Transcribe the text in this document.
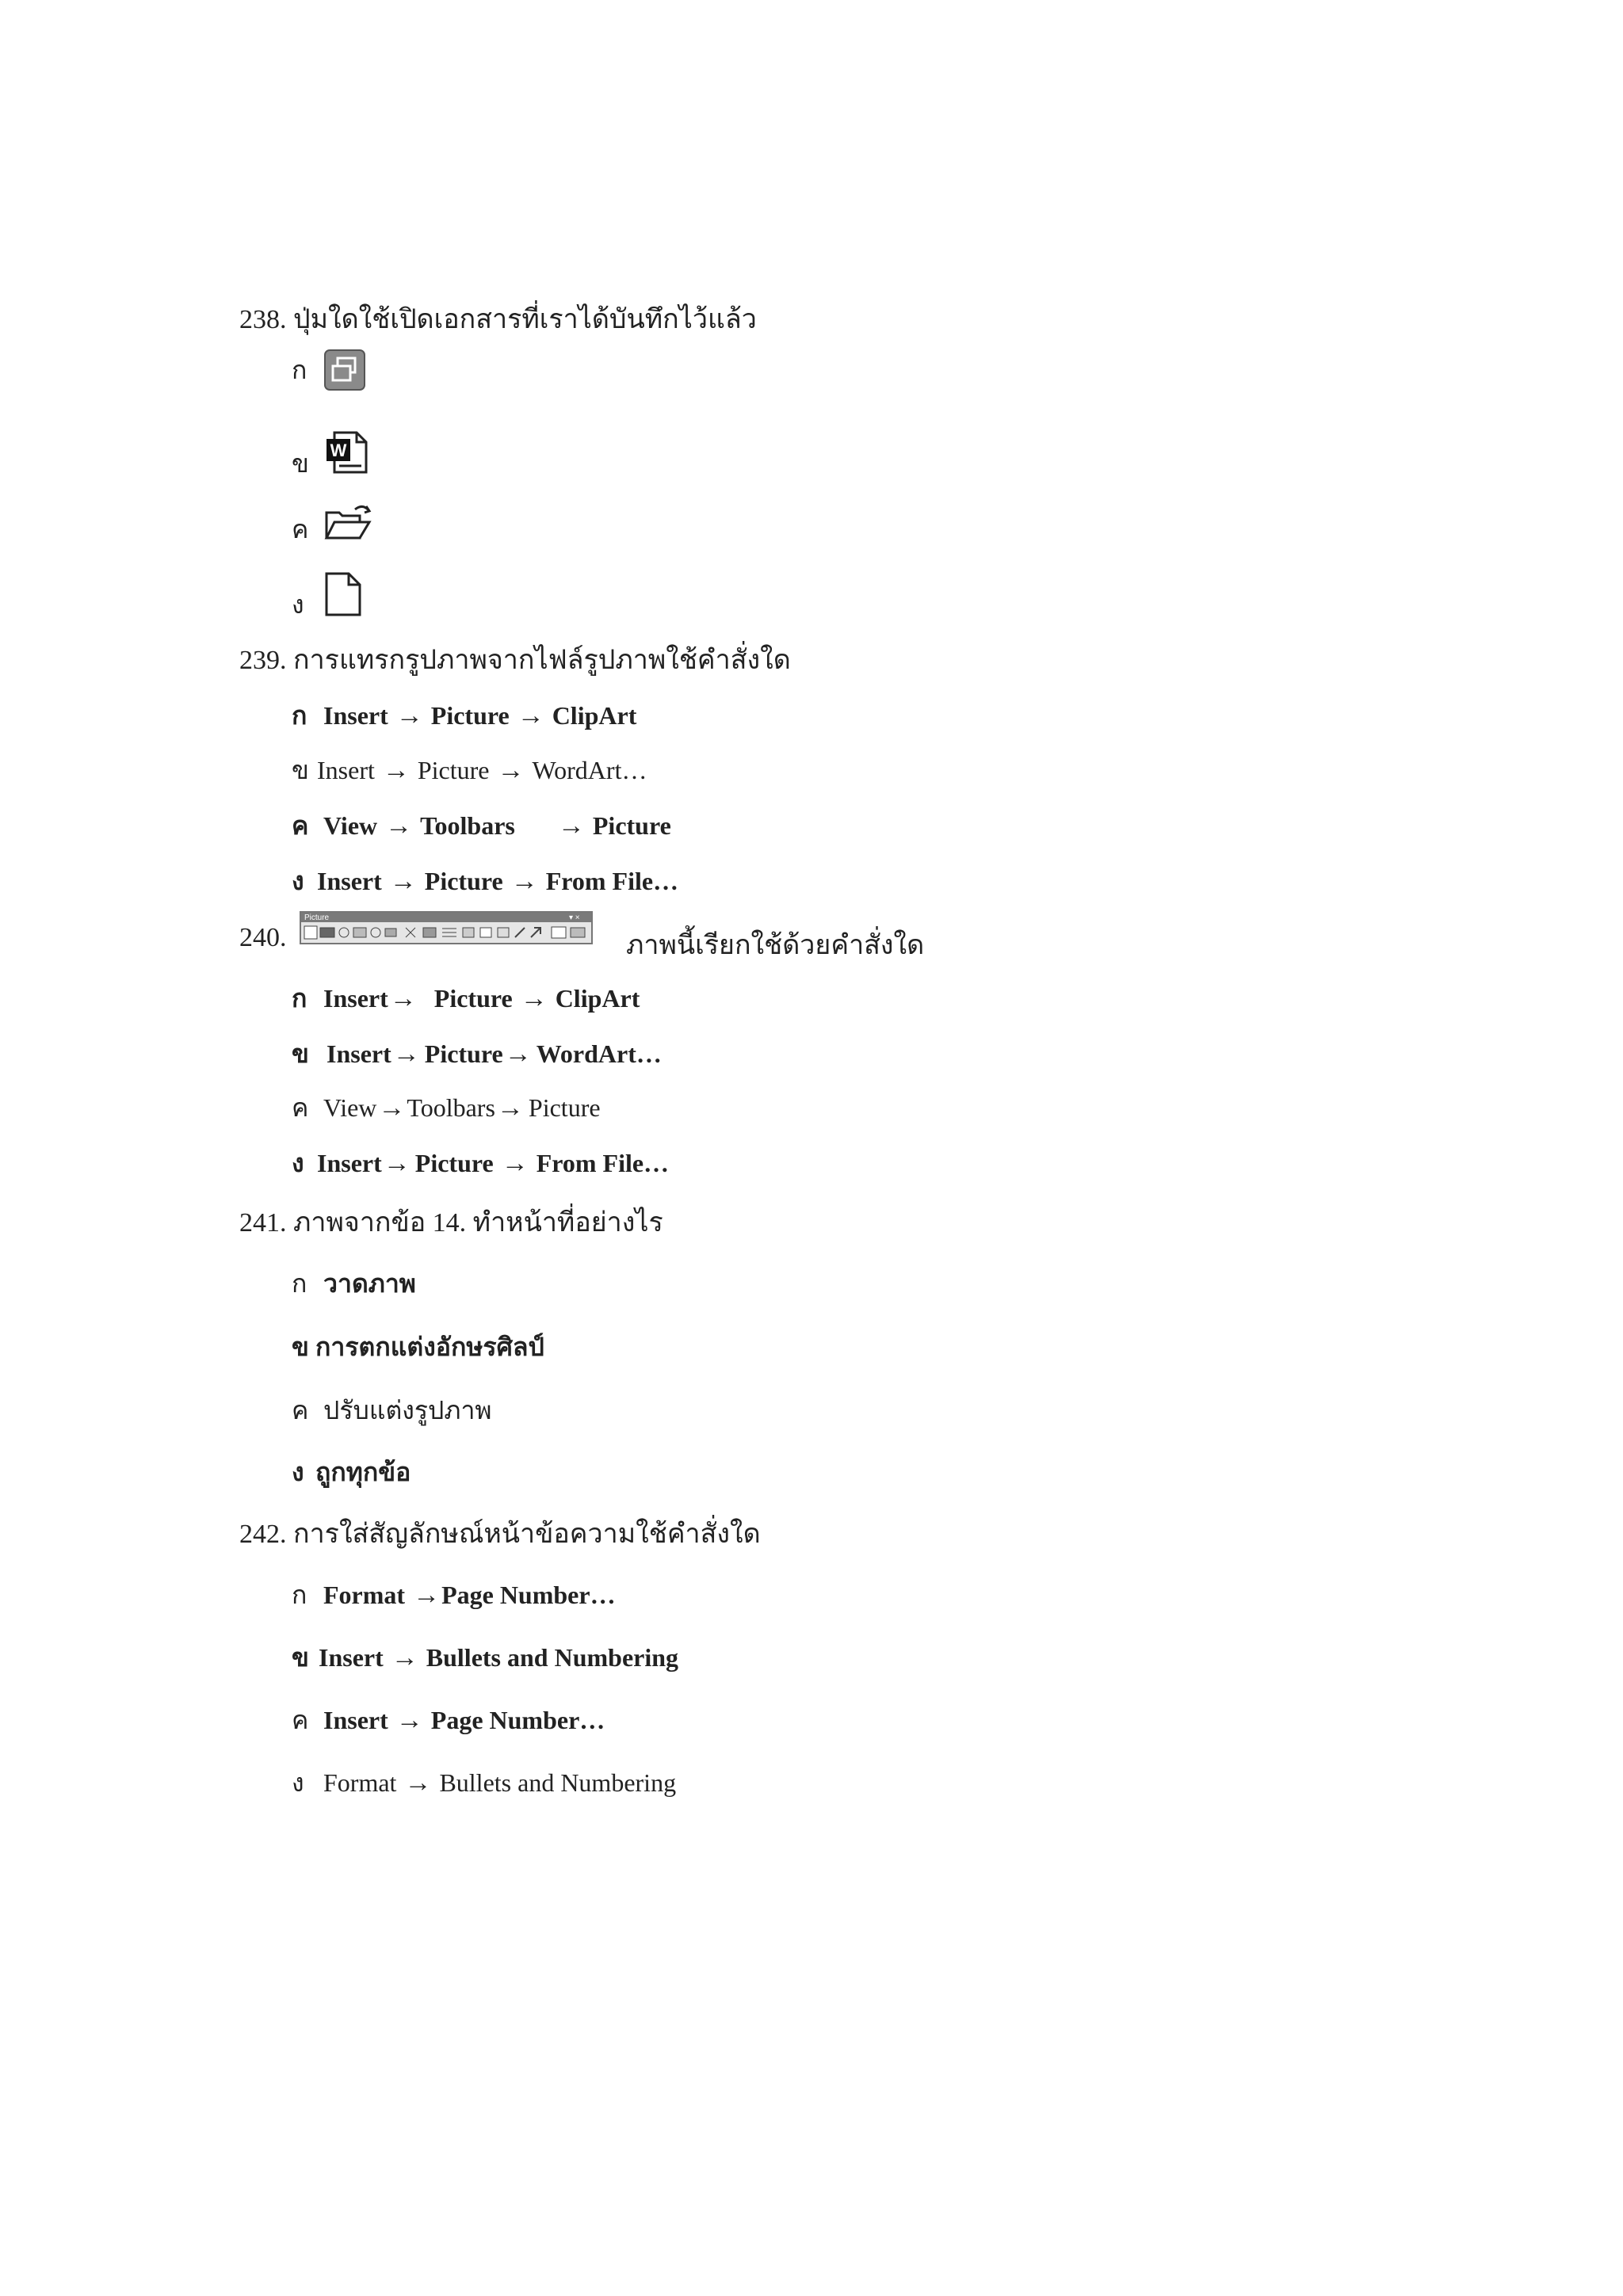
238. ปุ่มใดใช้เปิดเอกสารที่เราได้บันทึกไว้แล้ว
ก
ข	W
ค
ง
239. การแทรกรูปภาพจากไฟล์รูปภาพใช้คำสั่งใด
ก Insert → Picture → ClipArt
ข Insert → Picture → WordArt…
ค View → Toolbars → Picture
ง Insert → Picture → From File…
240.
Picture	▾ ×
ภาพนี้เรียกใช้ด้วยคำสั่งใด
ก Insert → Picture → ClipArt
ข Insert → Picture → WordArt…
ค View → Toolbars → Picture
ง Insert → Picture → From File…
241. ภาพจากข้อ 14. ทำหน้าที่อย่างไร
ก วาดภาพ
ข การตกแต่งอักษรศิลป์
ค ปรับแต่งรูปภาพ
ง ถูกทุกข้อ
242. การใส่สัญลักษณ์หน้าข้อความใช้คำสั่งใด
ก Format → Page Number…
ข Insert → Bullets and Numbering
ค Insert → Page Number…
ง Format → Bullets and Numbering
